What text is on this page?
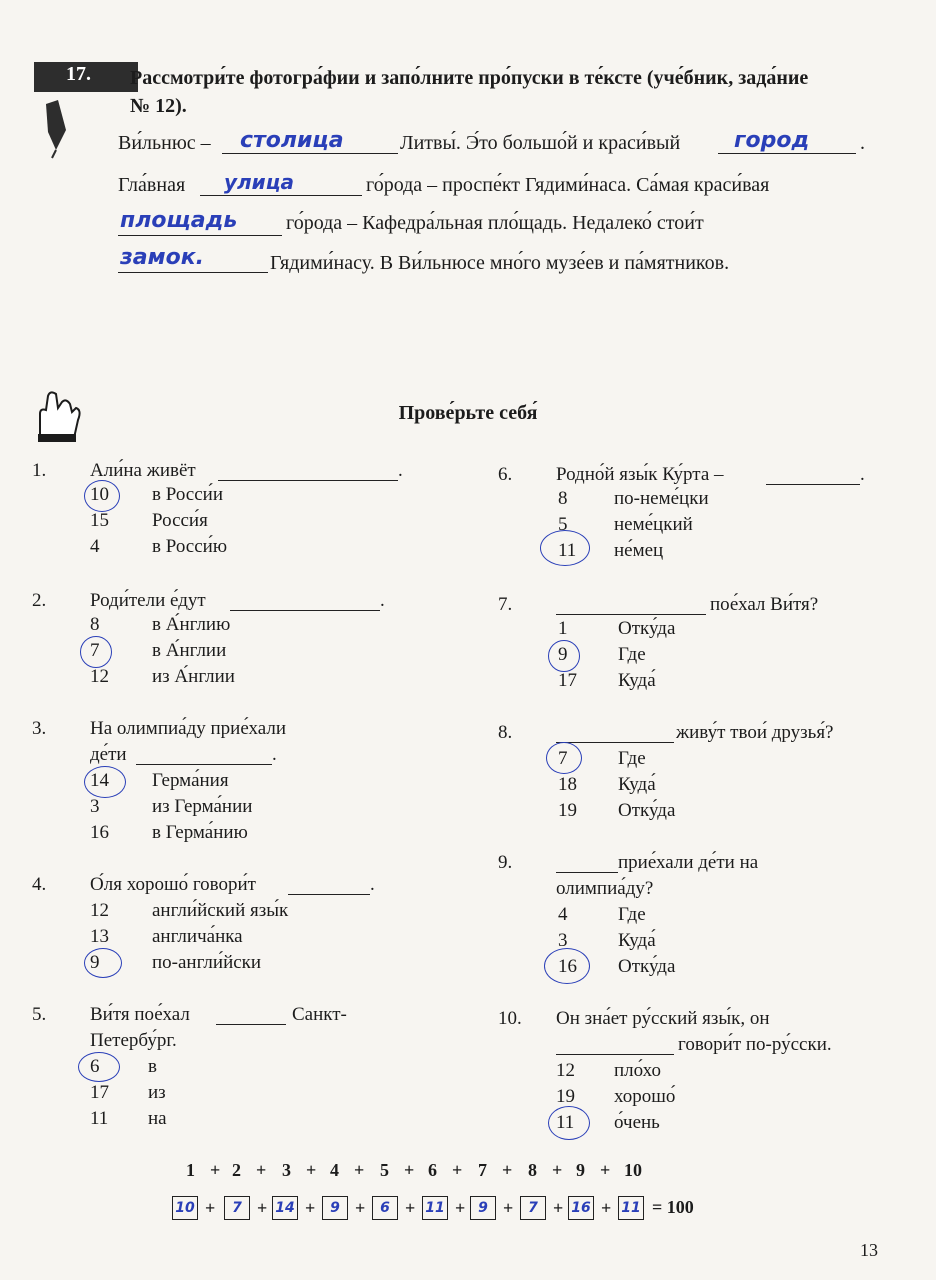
17. Рассмотри́те фотогра́фии и запо́лните про́пуски в те́ксте (уче́бник, зада́ние № 12).
Ви́льнюс – столица	Литвы́. Э́то большо́й и краси́вый город	.
Гла́вная улица	го́рода – проспе́кт Гядими́наса. Са́мая краси́вая
площадь го́рода – Кафедра́льная пло́щадь. Недалеко́ стои́т
замок.	Гядими́насу. В Ви́льнюсе мно́го музе́ев и па́мятников.
Прове́рьте себя́
1. Али́на живёт	.
10 в Росси́и
15 Росси́я
4	в Росси́ю
2. Роди́тели е́дут	.
8	в А́нглию
7	в А́нглии
12 из А́нглии
3. На олимпиа́ду прие́хали
де́ти	.
14 Герма́ния
3	из Герма́нии
16 в Герма́нию
4. О́ля хорошо́ говори́т	.
12 англи́йский язы́к
13 англича́нка
9	по-англи́йски
5. Ви́тя пое́хал	Санкт-
Петербу́рг.
6	в
17 из
11 на
6. Родно́й язы́к Ку́рта –	.
8 по-неме́цки
5 неме́цкий
11 не́мец
7.	пое́хал Ви́тя?
1	Отку́да
9	Где
17 Куда́
8.	живу́т твои́ друзья́?
7	Где
18 Куда́
19 Отку́да
9.	прие́хали де́ти на
олимпиа́ду?
4	Где
3	Куда́
16 Отку́да
10. Он зна́ет ру́сский язы́к, он
говори́т по-ру́сски.
12 пло́хо
19 хорошо́
11 о́чень
1 + 2 + 3 + 4 + 5 + 6 + 7 + 8 + 9 + 10
10 +	7 + 14 +	9 +	6 + 11 + 9 +	7 + 16 + 11 = 100
13
